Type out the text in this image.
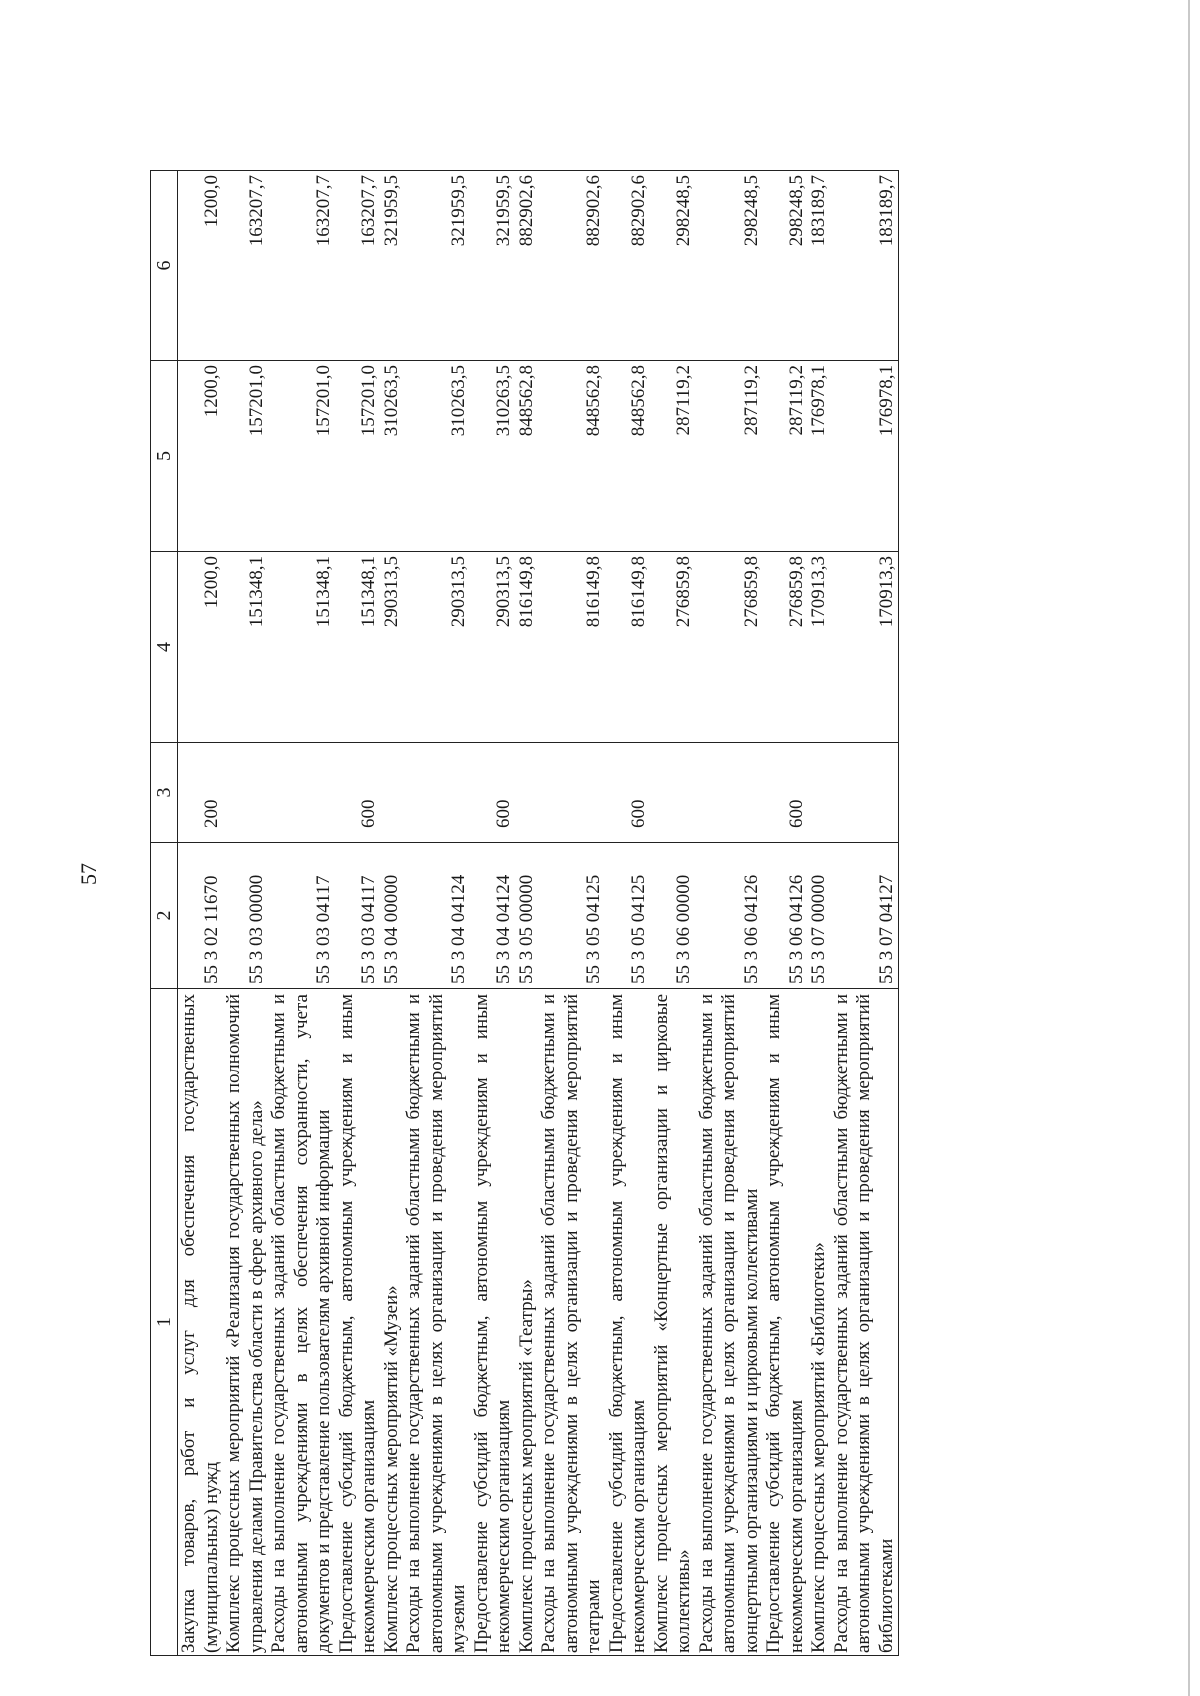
57
1	2	3	4	5	6
Закупка товаров, работ и услуг для обеспечения государственных (муниципальных) нужд	55 3 02 11670	200	1200,0	1200,0	1200,0
Комплекс процессных мероприятий «Реализация государственных полномочий управления делами Правительства области в сфере архивного дела»	55 3 03 00000		151348,1	157201,0	163207,7
Расходы на выполнение государственных заданий областными бюджетными и автономными учреждениями в целях обеспечения сохранности, учета документов и представление пользователям архивной информации	55 3 03 04117		151348,1	157201,0	163207,7
Предоставление субсидий бюджетным, автономным учреждениям и иным некоммерческим организациям	55 3 03 04117	600	151348,1	157201,0	163207,7
Комплекс процессных мероприятий «Музеи»	55 3 04 00000		290313,5	310263,5	321959,5
Расходы на выполнение государственных заданий областными бюджетными и автономными учреждениями в целях организации и проведения мероприятий музеями	55 3 04 04124		290313,5	310263,5	321959,5
Предоставление субсидий бюджетным, автономным учреждениям и иным некоммерческим организациям	55 3 04 04124	600	290313,5	310263,5	321959,5
Комплекс процессных мероприятий «Театры»	55 3 05 00000		816149,8	848562,8	882902,6
Расходы на выполнение государственных заданий областными бюджетными и автономными учреждениями в целях организации и проведения мероприятий театрами	55 3 05 04125		816149,8	848562,8	882902,6
Предоставление субсидий бюджетным, автономным учреждениям и иным некоммерческим организациям	55 3 05 04125	600	816149,8	848562,8	882902,6
Комплекс процессных мероприятий «Концертные организации и цирковые коллективы»	55 3 06 00000		276859,8	287119,2	298248,5
Расходы на выполнение государственных заданий областными бюджетными и автономными учреждениями в целях организации и проведения мероприятий концертными организациями и цирковыми коллективами	55 3 06 04126		276859,8	287119,2	298248,5
Предоставление субсидий бюджетным, автономным учреждениям и иным некоммерческим организациям	55 3 06 04126	600	276859,8	287119,2	298248,5
Комплекс процессных мероприятий «Библиотеки»	55 3 07 00000		170913,3	176978,1	183189,7
Расходы на выполнение государственных заданий областными бюджетными и автономными учреждениями в целях организации и проведения мероприятий библиотеками	55 3 07 04127		170913,3	176978,1	183189,7
